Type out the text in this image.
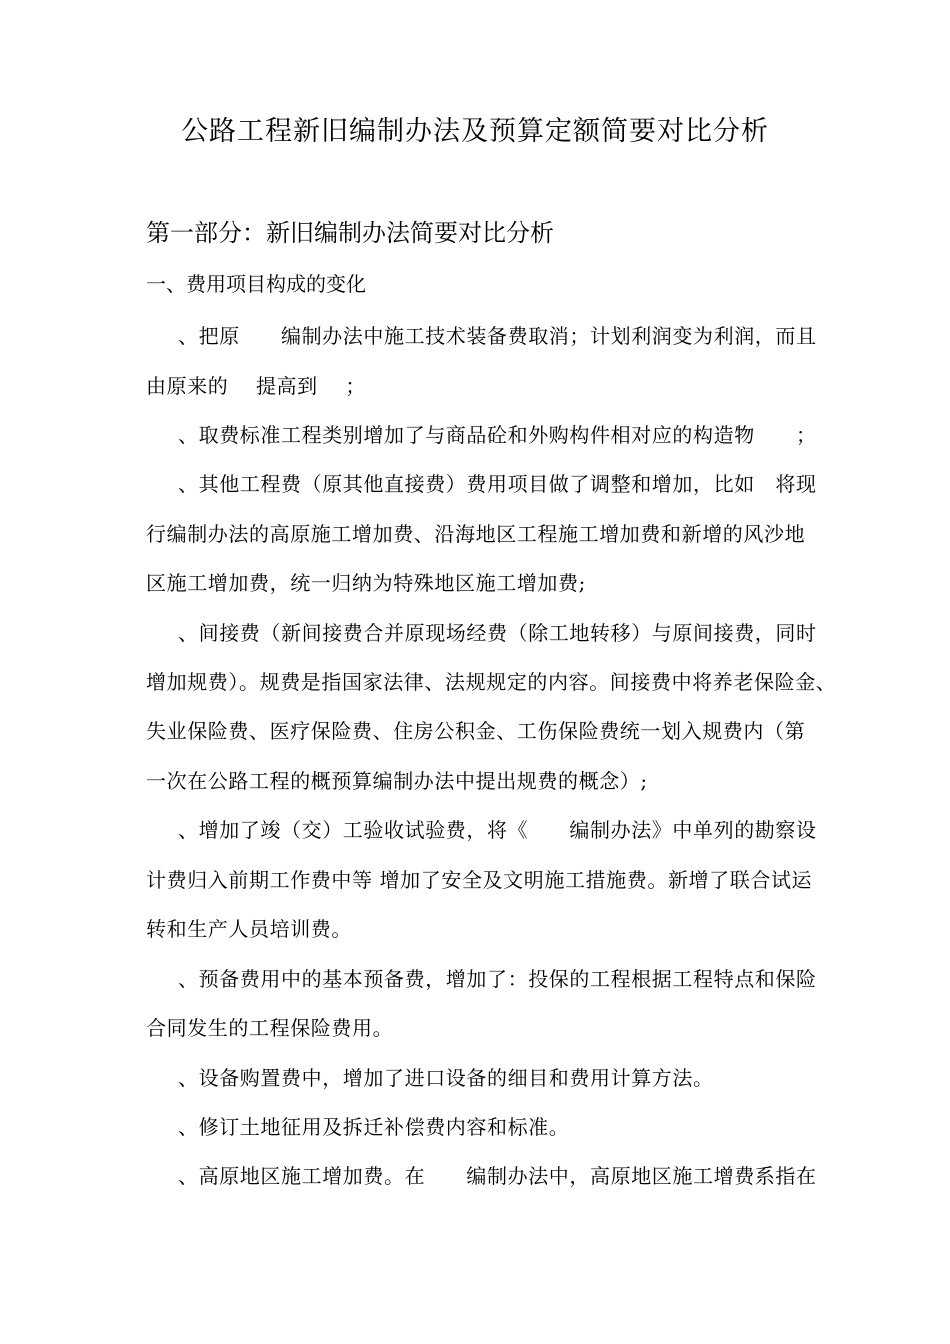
公路工程新旧编制办法及预算定额简要对比分析
第一部分：新旧编制办法简要对比分析
一、费用项目构成的变化
、把原　　编制办法中施工技术装备费取消；计划利润变为利润，而且
由原来的　 提高到　 ；
、取费标准工程类别增加了与商品砼和外购构件相对应的构造物　　；
、其他工程费（原其他直接费）费用项目做了调整和增加，比如　将现
行编制办法的高原施工增加费、沿海地区工程施工增加费和新增的风沙地
区施工增加费，统一归纳为特殊地区施工增加费;
、间接费（新间接费合并原现场经费（除工地转移）与原间接费，同时
增加规费）。规费是指国家法律、法规规定的内容。间接费中将养老保险金、
失业保险费、医疗保险费、住房公积金、工伤保险费统一划入规费内（第
一次在公路工程的概预算编制办法中提出规费的概念）;
、增加了竣（交）工验收试验费，将《　　编制办法》中单列的勘察设
计费归入前期工作费中等 增加了安全及文明施工措施费。新增了联合试运
转和生产人员培训费。
、预备费用中的基本预备费，增加了：投保的工程根据工程特点和保险
合同发生的工程保险费用。
、设备购置费中，增加了进口设备的细目和费用计算方法。
、修订土地征用及拆迁补偿费内容和标准。
、高原地区施工增加费。在　　编制办法中，高原地区施工增费系指在
